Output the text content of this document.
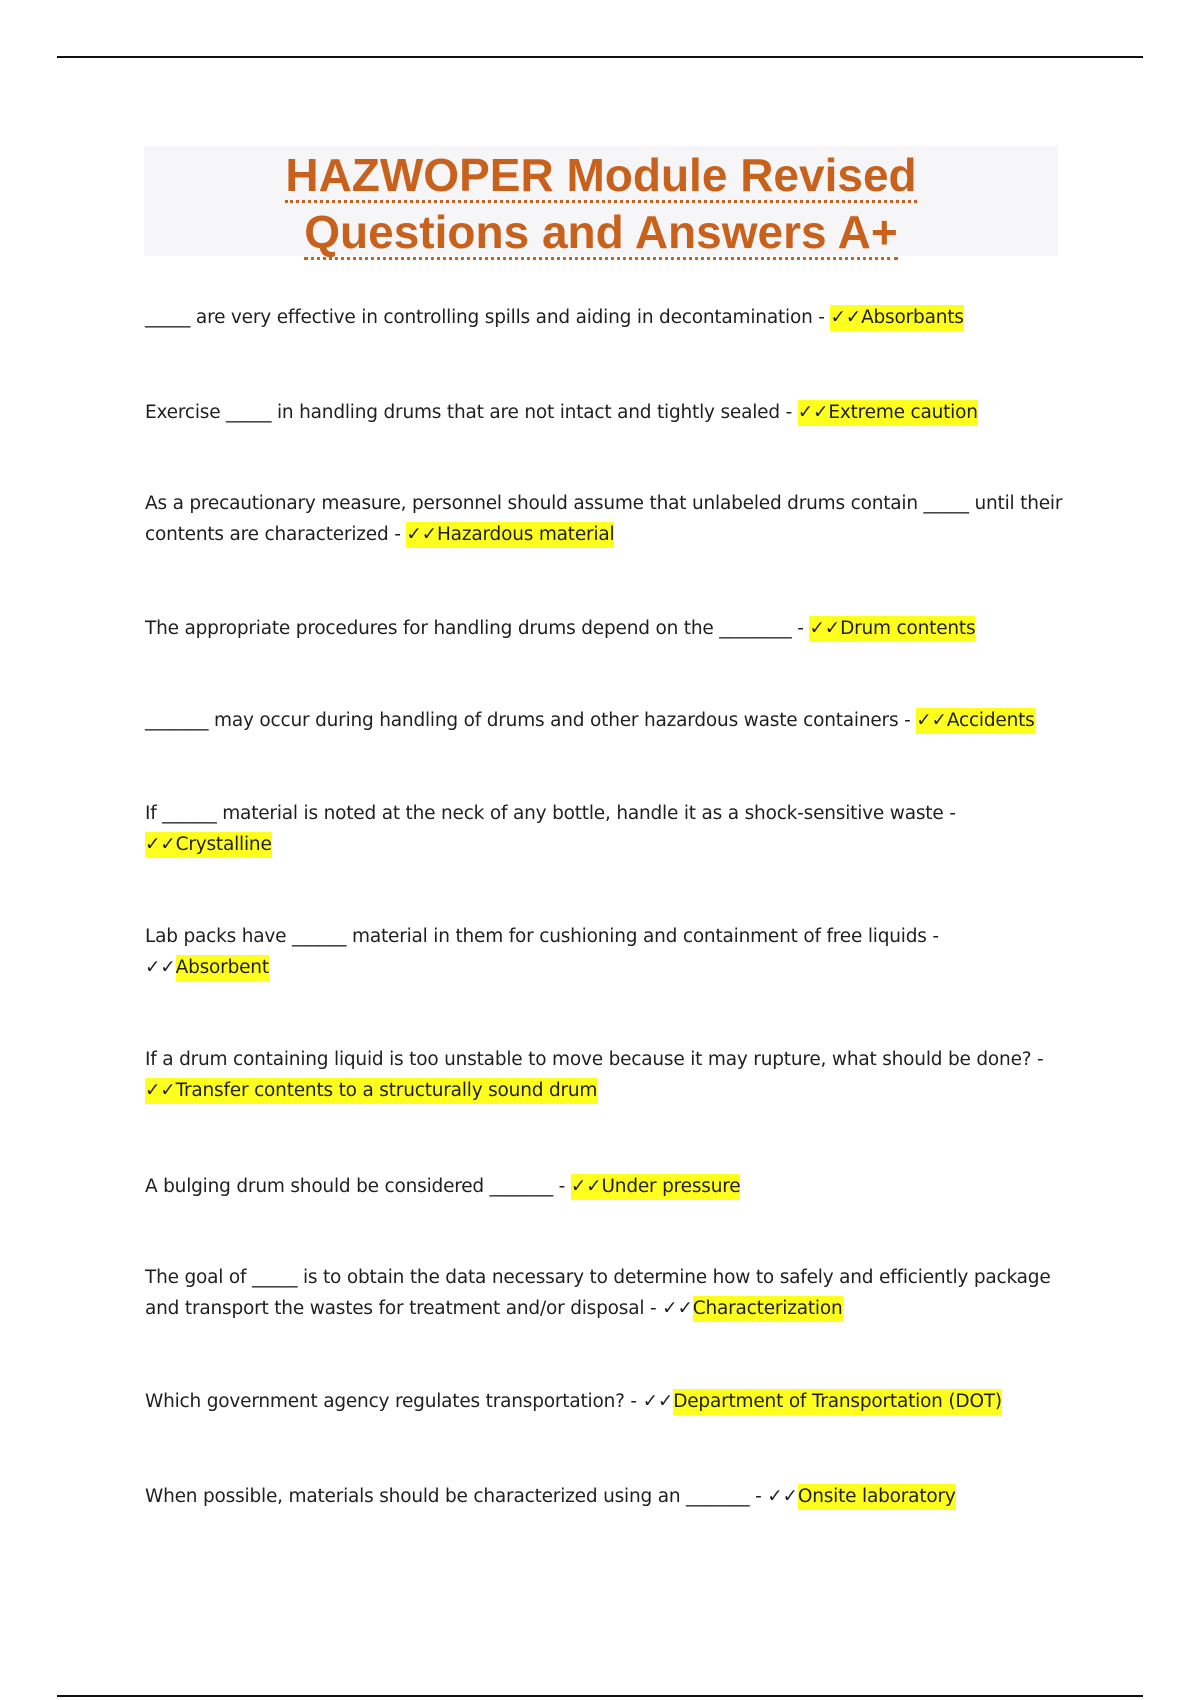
HAZWOPER Module Revised
Questions and Answers A+
_____ are very effective in controlling spills and aiding in decontamination - ✓✓Absorbants
Exercise _____ in handling drums that are not intact and tightly sealed - ✓✓Extreme caution
As a precautionary measure, personnel should assume that unlabeled drums contain _____ until their contents are characterized - ✓✓Hazardous material
The appropriate procedures for handling drums depend on the ________ - ✓✓Drum contents
_______ may occur during handling of drums and other hazardous waste containers - ✓✓Accidents
If ______ material is noted at the neck of any bottle, handle it as a shock-sensitive waste -
✓✓Crystalline
Lab packs have ______ material in them for cushioning and containment of free liquids -
✓✓Absorbent
If a drum containing liquid is too unstable to move because it may rupture, what should be done? -
✓✓Transfer contents to a structurally sound drum
A bulging drum should be considered _______ - ✓✓Under pressure
The goal of _____ is to obtain the data necessary to determine how to safely and efficiently package and transport the wastes for treatment and/or disposal - ✓✓Characterization
Which government agency regulates transportation? - ✓✓Department of Transportation (DOT)
When possible, materials should be characterized using an _______ - ✓✓Onsite laboratory
